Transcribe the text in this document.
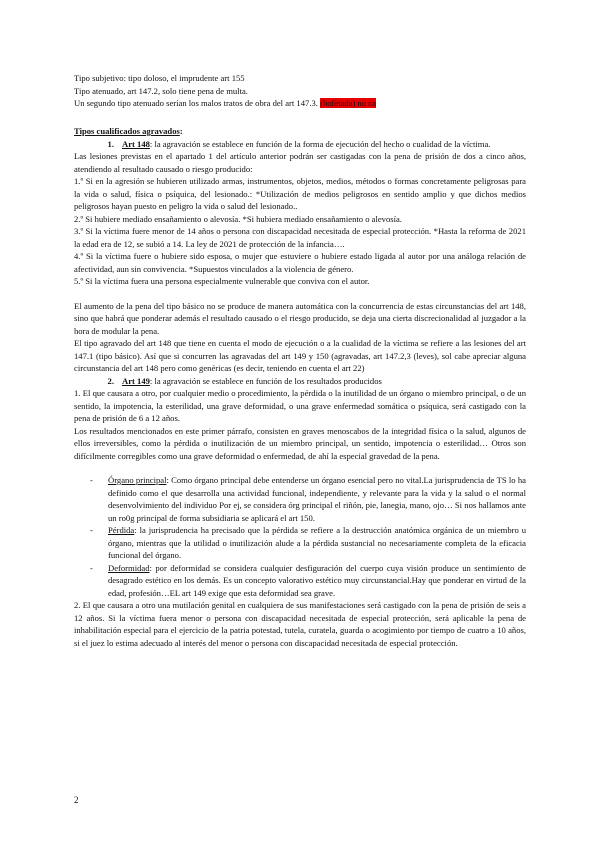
Tipo subjetivo: tipo doloso, el imprudente art 155
Tipo atenuado, art 147.2, solo tiene pena de multa.
Un segundo tipo atenuado serían los malos tratos de obra del art 147.3. (bofetada) no ca
Tipos cualificados agravados:
1. Art 148: la agravación se establece en función de la forma de ejecución del hecho o cualidad de la víctima.
Las lesiones previstas en el apartado 1 del artículo anterior podrán ser castigadas con la pena de prisión de dos a cinco años, atendiendo al resultado causado o riesgo producido:
1.º Si en la agresión se hubieren utilizado armas, instrumentos, objetos, medios, métodos o formas concretamente peligrosas para la vida o salud, física o psíquica, del lesionado.: *Utilización de medios peligrosos en sentido amplio y que dichos medios peligrosos hayan puesto en peligro la vida o salud del lesionado..
2.º Si hubiere mediado ensañamiento o alevosía. *Si hubiera mediado ensañamiento o alevosía.
3.º Si la víctima fuere menor de 14 años o persona con discapacidad necesitada de especial protección. *Hasta la reforma de 2021 la edad era de 12, se subió a 14. La ley de 2021 de protección de la infancia….
4.º Si la víctima fuere o hubiere sido esposa, o mujer que estuviere o hubiere estado ligada al autor por una análoga relación de afectividad, aun sin convivencia. *Supuestos vinculados a la violencia de género.
5.º Si la víctima fuera una persona especialmente vulnerable que conviva con el autor.
El aumento de la pena del tipo básico no se produce de manera automática con la concurrencia de estas circunstancias del art 148, sino que habrá que ponderar además el resultado causado o el riesgo producido, se deja una cierta discrecionalidad al juzgador a la hora de modular la pena.
El tipo agravado del art 148 que tiene en cuenta el modo de ejecución o a la cualidad de la víctima se refiere a las lesiones del art 147.1 (tipo básico). Así que si concurren las agravadas del art 149 y 150 (agravadas, art 147.2,3 (leves), sol cabe apreciar alguna circunstancia del art 148 pero como genéricas (es decir, teniendo en cuenta el art 22)
2. Art 149: la agravación se establece en función de los resultados producidos
1. El que causara a otro, por cualquier medio o procedimiento, la pérdida o la inutilidad de un órgano o miembro principal, o de un sentido, la impotencia, la esterilidad, una grave deformidad, o una grave enfermedad somática o psíquica, será castigado con la pena de prisión de 6 a 12 años.
Los resultados mencionados en este primer párrafo, consisten en graves menoscabos de la integridad física o la salud, algunos de ellos irreversibles, como la pérdida o inutilización de un miembro principal, un sentido, impotencia o esterilidad… Otros son difícilmente corregibles como una grave deformidad o enfermedad, de ahí la especial gravedad de la pena.
- Órgano principal: Como órgano principal debe entenderse un órgano esencial pero no vital.La jurisprudencia de TS lo ha definido como el que desarrolla una actividad funcional, independiente, y relevante para la vida y la salud o el normal desenvolvimiento del individuo Por ej, se considera órg principal el riñón, pie, lanegia, mano, ojo… Si nos hallamos ante un ro0g principal de forma subsidiaria se aplicará el art 150.
- Pérdida: la jurisprudencia ha precisado que la pérdida se refiere a la destrucción anatómica orgánica de un miembro u órgano, mientras que la utilidad o inutilización alude a la pérdida sustancial no necesariamente completa de la eficacia funcional del órgano.
- Deformidad: por deformidad se considera cualquier desfiguración del cuerpo cuya visión produce un sentimiento de desagrado estético en los demás. Es un concepto valorativo estético muy circunstancial.Hay que ponderar en virtud de la edad, profesión…EL art 149 exige que esta deformidad sea grave.
2. El que causara a otro una mutilación genital en cualquiera de sus manifestaciones será castigado con la pena de prisión de seis a 12 años. Si la víctima fuera menor o persona con discapacidad necesitada de especial protección, será aplicable la pena de inhabilitación especial para el ejercicio de la patria potestad, tutela, curatela, guarda o acogimiento por tiempo de cuatro a 10 años, si el juez lo estima adecuado al interés del menor o persona con discapacidad necesitada de especial protección.
2
